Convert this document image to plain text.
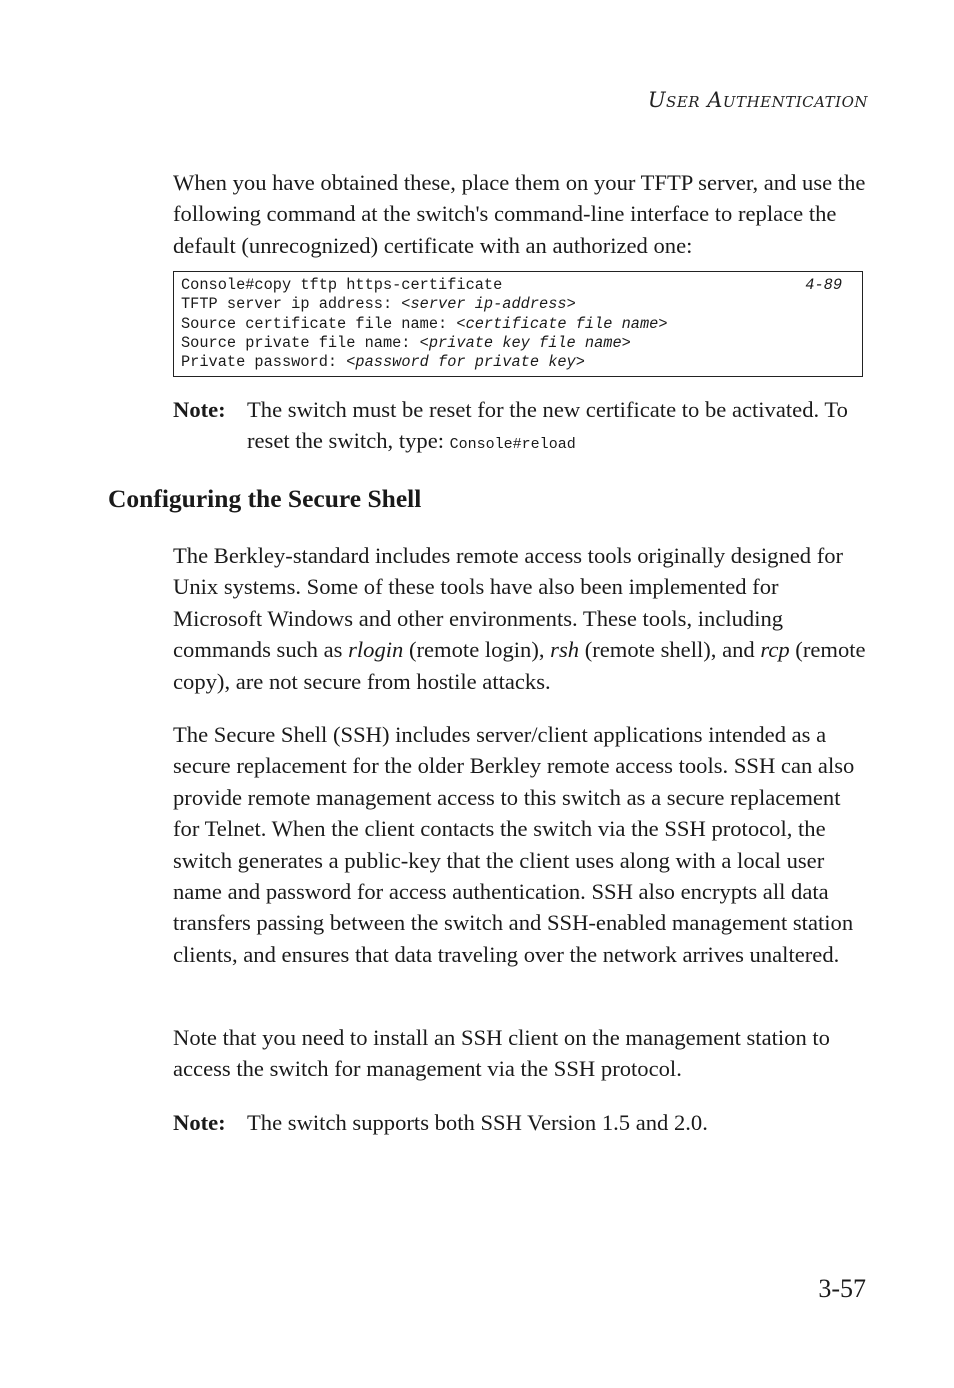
User Authentication

When you have obtained these, place them on your TFTP server, and use the following command at the switch's command-line interface to replace the default (unrecognized) certificate with an authorized one:

Console#copy tftp https-certificate	4-89
TFTP server ip address: <server ip-address>
Source certificate file name: <certificate file name>
Source private file name: <private key file name>
Private password: <password for private key>
Note: The switch must be reset for the new certificate to be activated. To reset the switch, type: Console#reload
Configuring the Secure Shell

The Berkley-standard includes remote access tools originally designed for Unix systems. Some of these tools have also been implemented for Microsoft Windows and other environments. These tools, including commands such as rlogin (remote login), rsh (remote shell), and rcp (remote copy), are not secure from hostile attacks.

The Secure Shell (SSH) includes server/client applications intended as a secure replacement for the older Berkley remote access tools. SSH can also provide remote management access to this switch as a secure replacement for Telnet. When the client contacts the switch via the SSH protocol, the switch generates a public-key that the client uses along with a local user name and password for access authentication. SSH also encrypts all data transfers passing between the switch and SSH-enabled management station clients, and ensures that data traveling over the network arrives unaltered.

Note that you need to install an SSH client on the management station to access the switch for management via the SSH protocol.

Note: The switch supports both SSH Version 1.5 and 2.0.
3-57
